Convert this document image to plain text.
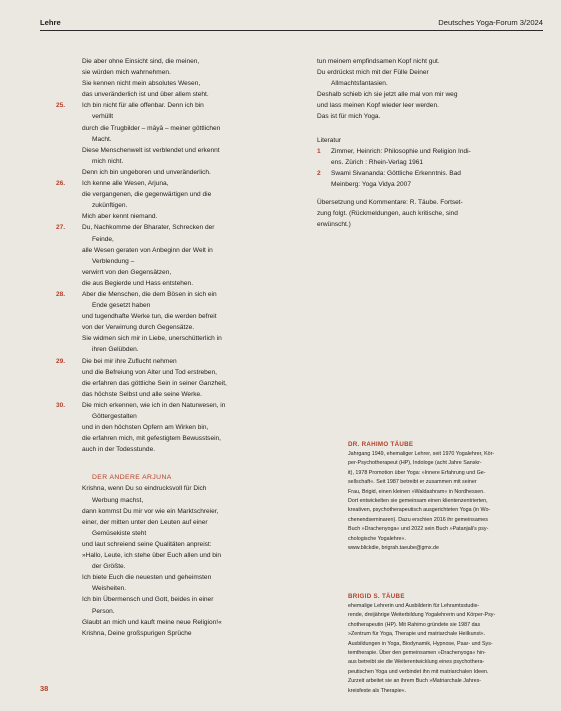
Lehre	Deutsches Yoga-Forum 3/2024
Die aber ohne Einsicht sind, die meinen,
sie würden mich wahrnehmen.
Sie kennen nicht mein absolutes Wesen,
das unveränderlich ist und über allem steht.
25.	Ich bin nicht für alle offenbar. Denn ich bin
verhüllt
durch die Trugbilder – māyā – meiner göttlichen
Macht.
Diese Menschenwelt ist verblendet und erkennt
mich nicht.
Denn ich bin ungeboren und unveränderlich.
26.	Ich kenne alle Wesen, Arjuna,
die vergangenen, die gegenwärtigen und die
zukünftigen.
Mich aber kennt niemand.
27.	Du, Nachkomme der Bharater, Schrecken der
Feinde,
alle Wesen geraten von Anbeginn der Welt in
Verblendung –
verwirrt von den Gegensätzen,
die aus Begierde und Hass entstehen.
28.	Aber die Menschen, die dem Bösen in sich ein
Ende gesetzt haben
und tugendhafte Werke tun, die werden befreit
von der Verwirrung durch Gegensätze.
Sie widmen sich mir in Liebe, unerschütterlich in
ihren Gelübden.
29.	Die bei mir ihre Zuflucht nehmen
und die Befreiung von Alter und Tod erstreben,
die erfahren das göttliche Sein in seiner Ganzheit,
das höchste Selbst und alle seine Werke.
30.	Die mich erkennen, wie ich in den Naturwesen, in
Göttergestalten
und in den höchsten Opfern am Wirken bin,
die erfahren mich, mit gefestigtem Bewusstsein,
auch in der Todesstunde.
DER ANDERE ARJUNA
Krishna, wenn Du so eindrucksvoll für Dich
Werbung machst,
dann kommst Du mir vor wie ein Marktschreier,
einer, der mitten unter den Leuten auf einer
Gemüsekiste steht
und laut schreiend seine Qualitäten anpreist:
»Hallo, Leute, ich stehe über Euch allen und bin
der Größte.
Ich biete Euch die neuesten und geheimsten
Weisheiten.
Ich bin Übermensch und Gott, beides in einer
Person.
Glaubt an mich und kauft meine neue Religion!«
Krishna, Deine großspurigen Sprüche
tun meinem empfindsamen Kopf nicht gut.
Du erdrückst mich mit der Fülle Deiner
Allmachtsfantasien.
Deshalb schieb ich sie jetzt alle mal von mir weg
und lass meinen Kopf wieder leer werden.
Das ist für mich Yoga.
Literatur
1 Zimmer, Heinrich: Philosophie und Religion Indi-
ens. Zürich : Rhein-Verlag 1961
2 Swami Sivananda: Göttliche Erkenntnis. Bad
Meinberg: Yoga Vidya 2007
Übersetzung und Kommentare: R. Täube. Fortset-
zung folgt. (Rückmeldungen, auch kritische, sind
erwünscht.)
DR. RAHIMO TÄUBE
Jahrgang 1949, ehemaliger Lehrer, seit 1970 Yogalehrer, Kör-
per-Psychotherapeut (HP), Indologe (acht Jahre Sanskr-
it), 1978 Promotion über Yoga: »Innere Erfahrung und Ge-
sellschaft«. Seit 1987 betreibt er zusammen mit seiner
Frau, Brigid, einen kleinen »Waldashram« in Nordhessen.
Dort entwickelten sie gemeinsam einen klientenzentrierten,
kreativen, psychotherapeutisch ausgerichteten Yoga (in Wo-
chenendseminaren). Dazu erschien 2016 ihr gemeinsames
Buch »Drachenyoga« und 2022 sein Buch »Patanjali's psy-
chologische Yogalehre«.
www.blickdie, brigrah.taeube@gmx.de
BRIGID S. TÄUBE
ehemalige Lehrerin und Ausbilderin für Lehramtsstudie-
rende, dreijährige Weiterbildung Yogalehrerin und Körper-Psy-
chotherapeutin (HP). Mit Rahimo gründete sie 1987 das
»Zentrum für Yoga, Therapie und matriarchale Heilkunst«.
Ausbildungen in Yoga, Biodynamik, Hypnose, Paar- und Sys-
temtherapie. Über den gemeinsamen »Drachenyoga« hin-
aus betreibt sie die Weiterentwicklung eines psychothera-
peutischen Yoga und verbindet ihn mit matriarchalen Ideen.
Zurzeit arbeitet sie an ihrem Buch »Matriarchale Jahres-
kreisfeste als Therapie«.
38
